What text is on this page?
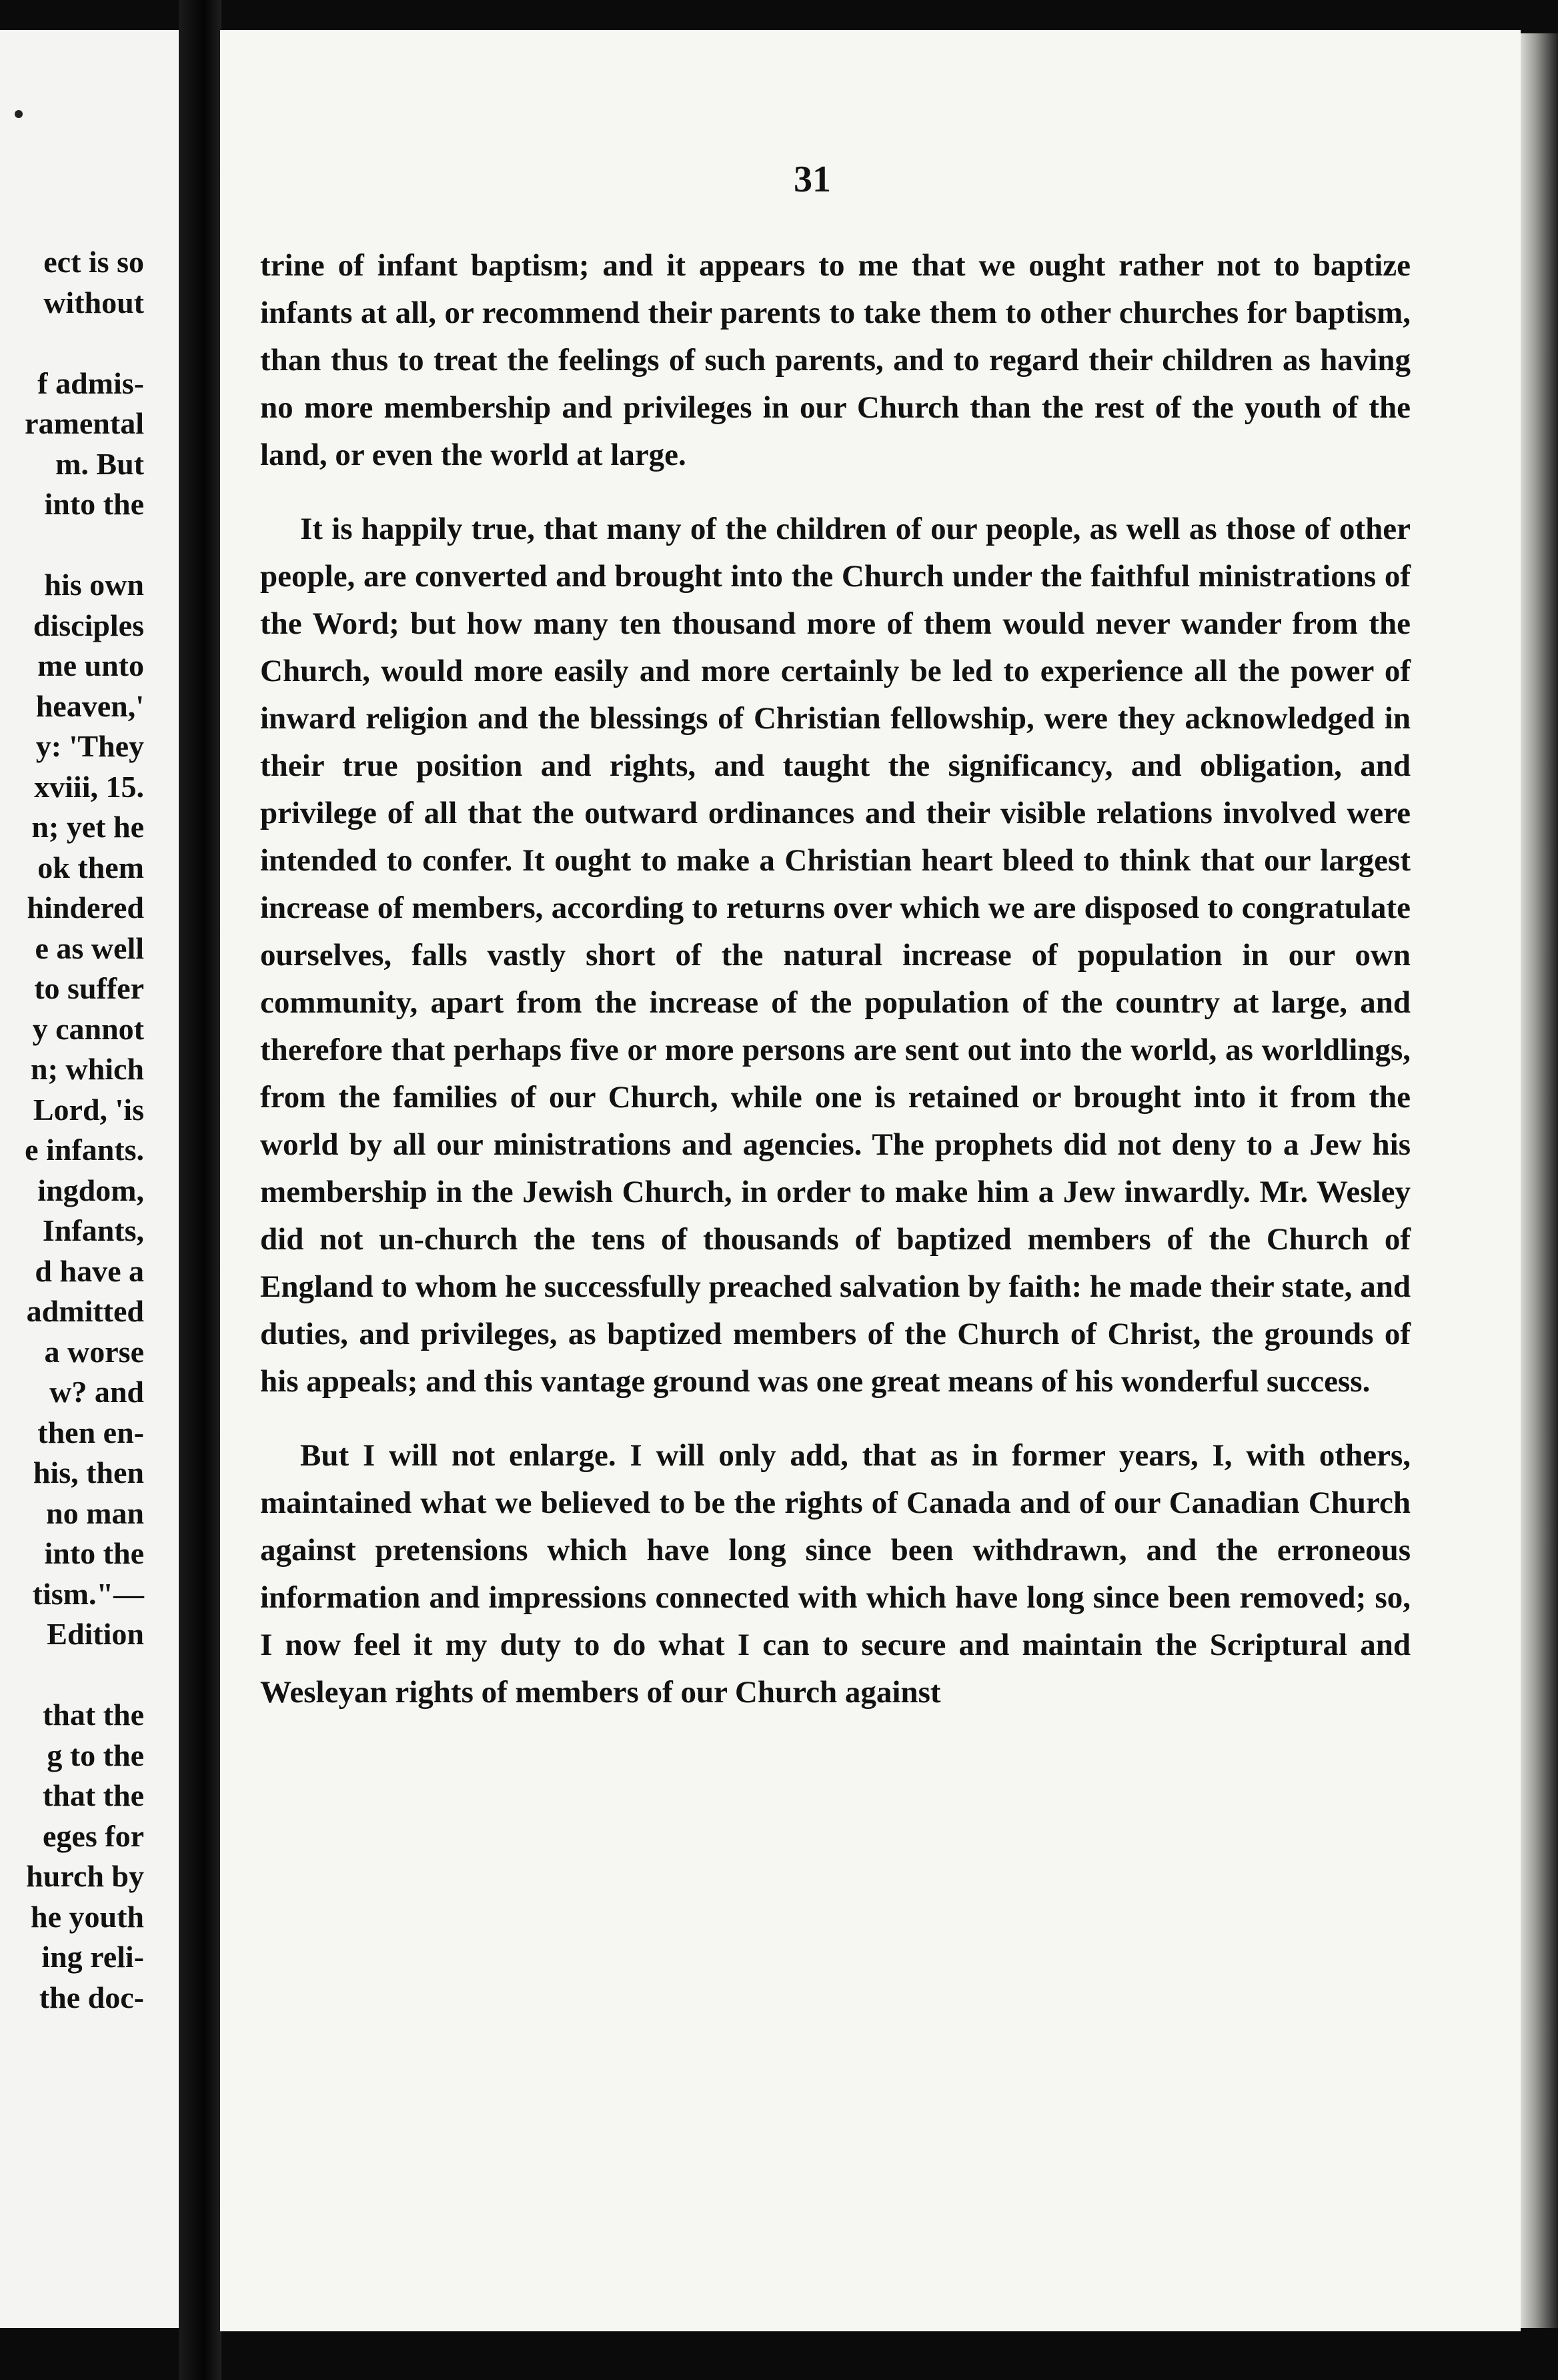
ect is so
without
f admis-
ramental
m. But
into the
his own
disciples
me unto
heaven,'
y: 'They
xviii, 15.
n; yet he
ok them
hindered
e as well
to suffer
y cannot
n; which
Lord, 'is
e infants.
ingdom,
Infants,
d have a
admitted
a worse
w? and
then en-
his, then
no man
into the
tism."—
Edition
that the
g to the
that the
eges for
hurch by
he youth
ing reli-
the doc-
31

trine of infant baptism; and it appears to me that we ought rather not to baptize infants at all, or recommend their parents to take them to other churches for baptism, than thus to treat the feelings of such parents, and to regard their children as having no more membership and privileges in our Church than the rest of the youth of the land, or even the world at large.

It is happily true, that many of the children of our people, as well as those of other people, are converted and brought into the Church under the faithful ministrations of the Word; but how many ten thousand more of them would never wander from the Church, would more easily and more certainly be led to experience all the power of inward religion and the blessings of Christian fellowship, were they acknowledged in their true position and rights, and taught the significancy, and obligation, and privilege of all that the outward ordinances and their visible relations involved were intended to confer. It ought to make a Christian heart bleed to think that our largest increase of members, according to returns over which we are disposed to congratulate ourselves, falls vastly short of the natural increase of population in our own community, apart from the increase of the population of the country at large, and therefore that perhaps five or more persons are sent out into the world, as worldlings, from the families of our Church, while one is retained or brought into it from the world by all our ministrations and agencies. The prophets did not deny to a Jew his membership in the Jewish Church, in order to make him a Jew inwardly. Mr. Wesley did not un-church the tens of thousands of baptized members of the Church of England to whom he successfully preached salvation by faith: he made their state, and duties, and privileges, as baptized members of the Church of Christ, the grounds of his appeals; and this vantage ground was one great means of his wonderful success.

But I will not enlarge. I will only add, that as in former years, I, with others, maintained what we believed to be the rights of Canada and of our Canadian Church against pretensions which have long since been withdrawn, and the erroneous information and impressions connected with which have long since been removed; so, I now feel it my duty to do what I can to secure and maintain the Scriptural and Wesleyan rights of members of our Church against
